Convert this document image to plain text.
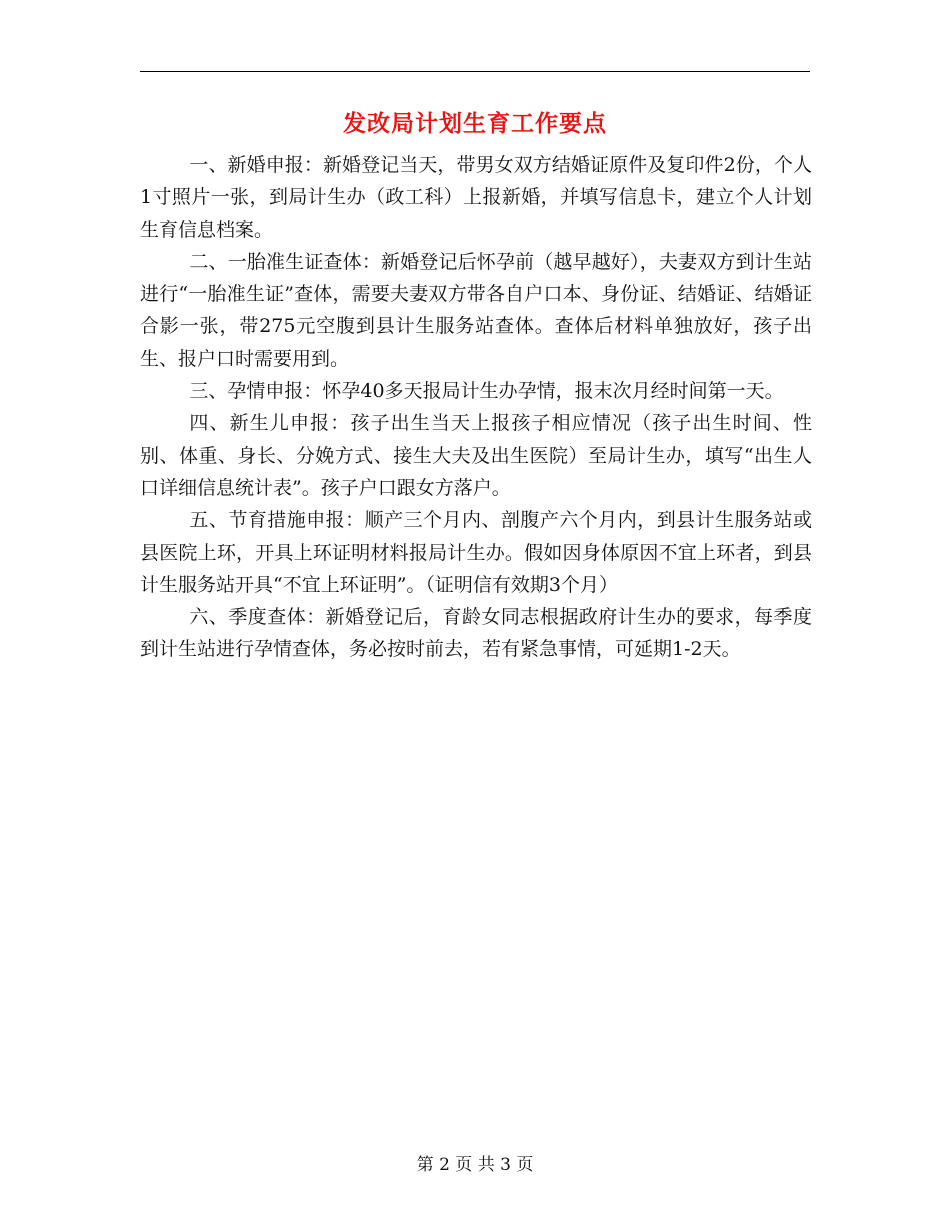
发改局计划生育工作要点

一、新婚申报：新婚登记当天，带男女双方结婚证原件及复印件2份，个人1寸照片一张，到局计生办（政工科）上报新婚，并填写信息卡，建立个人计划生育信息档案。

二、一胎准生证查体：新婚登记后怀孕前（越早越好），夫妻双方到计生站进行“一胎准生证”查体，需要夫妻双方带各自户口本、身份证、结婚证、结婚证合影一张，带275元空腹到县计生服务站查体。查体后材料单独放好，孩子出生、报户口时需要用到。

三、孕情申报：怀孕40多天报局计生办孕情，报末次月经时间第一天。

四、新生儿申报：孩子出生当天上报孩子相应情况（孩子出生时间、性别、体重、身长、分娩方式、接生大夫及出生医院）至局计生办，填写“出生人口详细信息统计表”。孩子户口跟女方落户。

五、节育措施申报：顺产三个月内、剖腹产六个月内，到县计生服务站或县医院上环，开具上环证明材料报局计生办。假如因身体原因不宜上环者，到县计生服务站开具“不宜上环证明”。（证明信有效期3个月）

六、季度查体：新婚登记后，育龄女同志根据政府计生办的要求，每季度到计生站进行孕情查体，务必按时前去，若有紧急事情，可延期1-2天。

第 2 页 共 3 页
